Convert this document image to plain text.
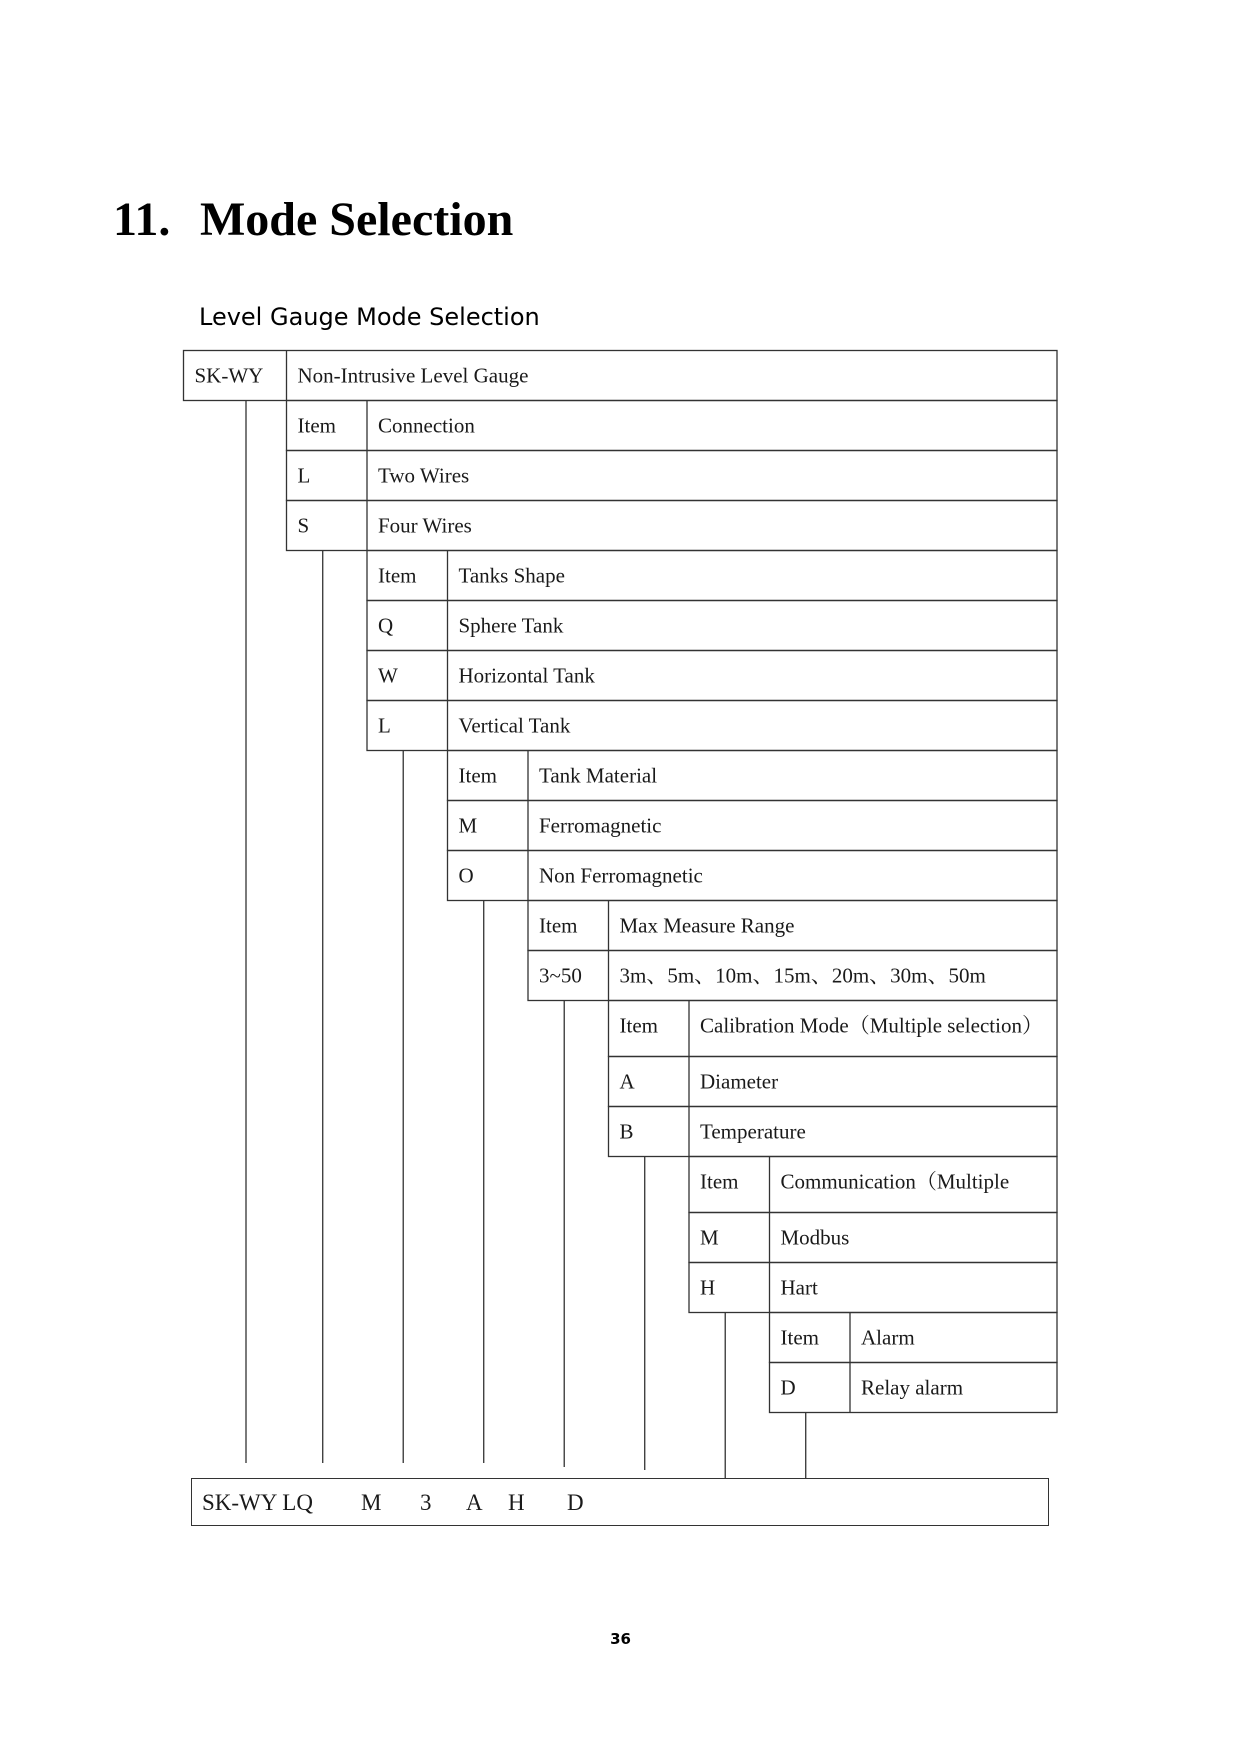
11. Mode Selection
Level Gauge Mode Selection
SK-WY Non-Intrusive Level Gauge
Item Connection
L	Two Wires
S	Four Wires
Item Tanks Shape
Q	Sphere Tank
W	Horizontal Tank
L	Vertical Tank
Item Tank Material
M	Ferromagnetic
O	Non Ferromagnetic
Item Max Measure Range
3~50 3m、5m、10m、15m、20m、30m、50m
Item Calibration Mode（Multiple selection）
A	Diameter
B	Temperature
Item Communication（Multiple
M	Modbus
H	Hart
Item Alarm
D	Relay alarm
SK-WY LQ M 3 A H D
36
